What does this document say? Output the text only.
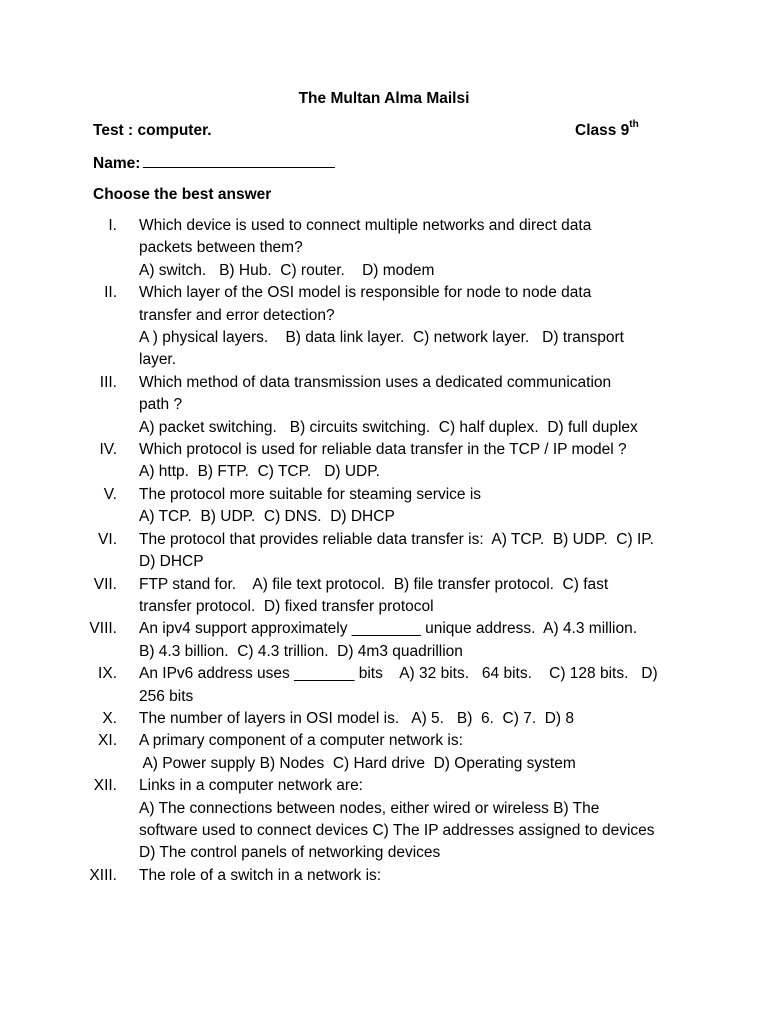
The Multan Alma Mailsi
Test : computer.	Class 9th
Name:
Choose the best answer
I. Which device is used to connect multiple networks and direct data
packets between them?
A) switch.   B) Hub.  C) router.    D) modem
II. Which layer of the OSI model is responsible for node to node data
transfer and error detection?
A ) physical layers.    B) data link layer.  C) network layer.   D) transport
layer.
III. Which method of data transmission uses a dedicated communication
path ?
A) packet switching.   B) circuits switching.  C) half duplex.  D) full duplex
IV. Which protocol is used for reliable data transfer in the TCP / IP model ?
A) http.  B) FTP.  C) TCP.   D) UDP.
V. The protocol more suitable for steaming service is
A) TCP.  B) UDP.  C) DNS.  D) DHCP
VI. The protocol that provides reliable data transfer is:  A) TCP.  B) UDP.  C) IP.
D) DHCP
VII. FTP stand for.    A) file text protocol.  B) file transfer protocol.  C) fast
transfer protocol.  D) fixed transfer protocol
VIII. An ipv4 support approximately ________ unique address.  A) 4.3 million.
B) 4.3 billion.  C) 4.3 trillion.  D) 4m3 quadrillion
IX. An IPv6 address uses _______ bits    A) 32 bits.   64 bits.    C) 128 bits.   D)
256 bits
X. The number of layers in OSI model is.   A) 5.   B)  6.  C) 7.  D) 8
XI. A primary component of a computer network is:
A) Power supply B) Nodes  C) Hard drive  D) Operating system
XII. Links in a computer network are:
A) The connections between nodes, either wired or wireless B) The
software used to connect devices C) The IP addresses assigned to devices
D) The control panels of networking devices
XIII. The role of a switch in a network is:
